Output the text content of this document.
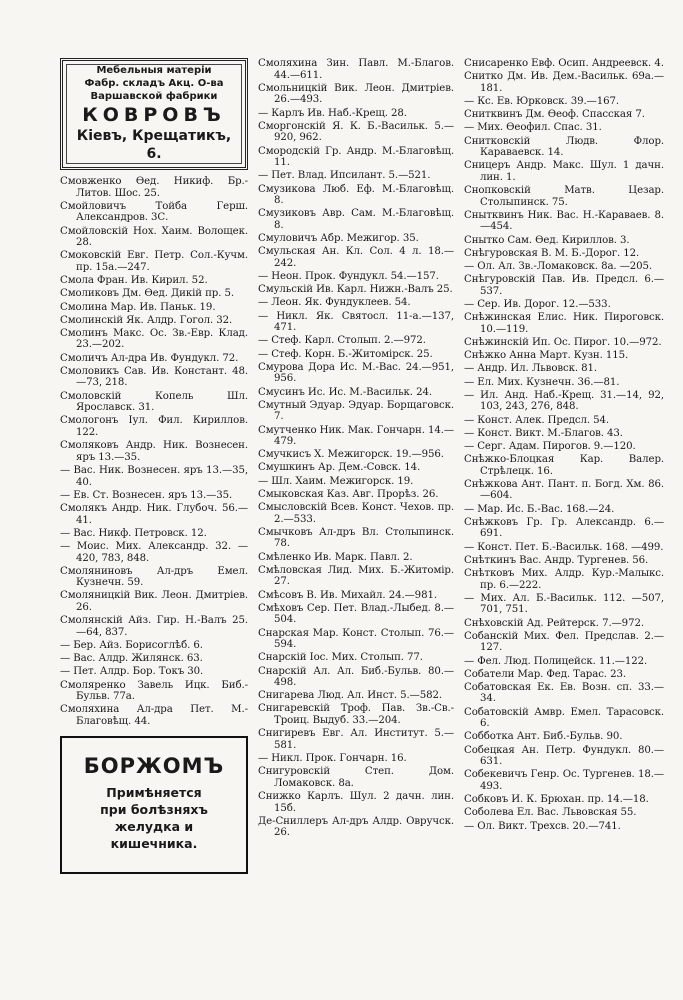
Мебельныя матеріи
Фабр. складъ Акц. О-ва
Варшавской фабрики
КОВРОВЪ
Кіевъ, Крещатикъ, 6.
Смовженко Ѳед. Никиф. Бр.-Литов. Шос. 25.
Смойловичъ Тойба Герш. Александров. 3С.
Смойловскій Нох. Хаим. Волощек. 28.
Смоковскій Евг. Петр. Сол.-Кучм. пр. 15а.—247.
Смола Фран. Ив. Кирил. 52.
Смоликовъ Дм. Ѳед. Дикій пр. 5.
Смолина Мар. Ив. Паньк. 19.
Смолинскій Як. Алдр. Гогол. 32.
Смолинъ Макс. Ос. Зв.-Евр. Клад. 23.—202.
Смоличъ Ал-дра Ив. Фундукл. 72.
Смоловикъ Сав. Ив. Констант. 48.—73, 218.
Смоловскій Копель Шл. Ярославск. 31.
Смологонъ Іул. Фил. Кириллов. 122.
Смоляковъ Андр. Ник. Вознесен. яръ 13.—35.
— Вас. Ник. Вознесен. яръ 13.—35, 40.
— Ев. Ст. Вознесен. яръ 13.—35.
Смолякъ Андр. Ник. Глубоч. 56.—41.
— Вас. Никф. Петровск. 12.
— Моис. Мих. Александр. 32. —420, 783, 848.
Смоляниновъ Ал-дръ Емел. Кузнечн. 59.
Смоляницкій Вик. Леон. Дмитріев. 26.
Смолянскій Айз. Гир. Н.-Валъ 25.—64, 837.
— Бер. Айз. Борисоглѣб. 6.
— Вас. Алдр. Жилянск. 63.
— Пет. Алдр. Бор. Токъ 30.
Смоляренко Завель Ицк. Биб.-Бульв. 77а.
Смоляхина Ал-дра Пет. М.-Благовѣщ. 44.
БОРЖОМЪ
Примѣняется
при болѣзняхъ
желудка и
кишечника.
Смоляхина Зин. Павл. М.-Благов. 44.—611.
Смольницкій Вик. Леон. Дмитріев. 26.—493.
— Карлъ Ив. Наб.-Крещ. 28.
Сморгонскій Я. К. Б.-Васильк. 5.—920, 962.
Смородскій Гр. Андр. М.-Благовѣщ. 11.
— Пет. Влад. Ипсилант. 5.—521.
Смузикова Люб. Еф. М.-Благовѣщ. 8.
Смузиковъ Авр. Сам. М.-Благовѣщ. 8.
Смуловичъ Абр. Межигор. 35.
Смульская Ан. Кл. Сол. 4 л. 18.—242.
— Неон. Прок. Фундукл. 54.—157.
Смульскій Ив. Карл. Нижн.-Валъ 25.
— Леон. Як. Фундуклеев. 54.
— Никл. Як. Святосл. 11-а.—137, 471.
— Стеф. Карл. Столып. 2.—972.
— Стеф. Корн. Б.-Житомірск. 25.
Смурова Дора Ис. М.-Вас. 24.—951, 956.
Смусинъ Ис. Ис. М.-Васильк. 24.
Смутный Эдуар. Эдуар. Борщаговск. 7.
Смутченко Ник. Мак. Гончарн. 14.—479.
Смучкисъ Х. Межигорск. 19.—956.
Смушкинъ Ар. Дем.-Совск. 14.
— Шл. Хаим. Межигорск. 19.
Смыковская Каз. Авг. Прорѣз. 26.
Смысловскій Всев. Конст. Чехов. пр. 2.—533.
Смычковъ Ал-дръ Вл. Столыпинск. 78.
Смѣленко Ив. Марк. Павл. 2.
Смѣловская Лид. Мих. Б.-Житомір. 27.
Смѣсовъ В. Ив. Михайл. 24.—981.
Смѣховъ Сер. Пет. Влад.-Лыбед. 8.—504.
Снарская Мар. Конст. Столып. 76.—594.
Снарскій Іос. Мих. Столып. 77.
Снарскій Ал. Ал. Биб.-Бульв. 80.—498.
Снигарева Люд. Ал. Инст. 5.—582.
Снигаревскій Троф. Пав. Зв.-Св.-Троиц. Выдуб. 33.—204.
Снигиревъ Евг. Ал. Институт. 5.—581.
— Никл. Прок. Гончарн. 16.
Снигуровскій Степ. Дом. Ломаковск. 8а.
Снижко Карлъ. Шул. 2 дачн. лин. 15б.
Де-Сниллеръ Ал-дръ Алдр. Овручск. 26.
Снисаренко Евф. Осип. Андреевск. 4.
Снитко Дм. Ив. Дем.-Васильк. 69а.—181.
— Кс. Ев. Юрковск. 39.—167.
Снитквинъ Дм. Ѳеоф. Спасская 7.
— Мих. Ѳеофил. Спас. 31.
Снитковскій Людв. Флор. Караваевск. 14.
Сницеръ Андр. Макс. Шул. 1 дачн. лин. 1.
Снопковскій Матв. Цезар. Столыпинск. 75.
Снытквинъ Ник. Вас. Н.-Караваев. 8.—454.
Снытко Сам. Ѳед. Кириллов. 3.
Снѣгуровская В. М. Б.-Дорог. 12.
— Ол. Ал. Зв.-Ломаковск. 8а. —205.
Снѣгуровскій Пав. Ив. Предсл. 6.—537.
— Сер. Ив. Дорог. 12.—533.
Снѣжинская Елис. Ник. Пироговск. 10.—119.
Снѣжинскій Ип. Ос. Пирог. 10.—972.
Снѣжко Анна Март. Кузн. 115.
— Андр. Ил. Львовск. 81.
— Ел. Мих. Кузнечн. 36.—81.
— Ил. Анд. Наб.-Крещ. 31.—14, 92, 103, 243, 276, 848.
— Конст. Алек. Предсл. 54.
— Конст. Викт. М.-Благов. 43.
— Серг. Адам. Пирогов. 9.—120.
Снѣжко-Блоцкая Кар. Валер. Стрѣлецк. 16.
Снѣжкова Ант. Пант. п. Богд. Хм. 86.—604.
— Мар. Ис. Б.-Вас. 168.—24.
Снѣжковъ Гр. Гр. Александр. 6.—691.
— Конст. Пет. Б.-Васильк. 168. —499.
Снѣткинъ Вас. Андр. Тургенев. 56.
Снѣтковъ Мих. Алдр. Кур.-Малыкс. пр. 6.—222.
— Мих. Ал. Б.-Васильк. 112. —507, 701, 751.
Снѣховскій Ад. Рейтерск. 7.—972.
Собанскій Мих. Фел. Предслав. 2.—127.
— Фел. Люд. Полицейск. 11.—122.
Собатели Мар. Фед. Тарас. 23.
Собатовская Ек. Ев. Возн. сп. 33.—34.
Собатовскій Амвр. Емел. Тарасовск. 6.
Собботка Ант. Биб.-Бульв. 90.
Собецкая Ан. Петр. Фундукл. 80.—631.
Собекевичъ Генр. Ос. Тургенев. 18.—493.
Собковъ И. К. Брюхан. пр. 14.—18.
Соболева Ел. Вас. Львовская 55.
— Ол. Викт. Трехсв. 20.—741.
